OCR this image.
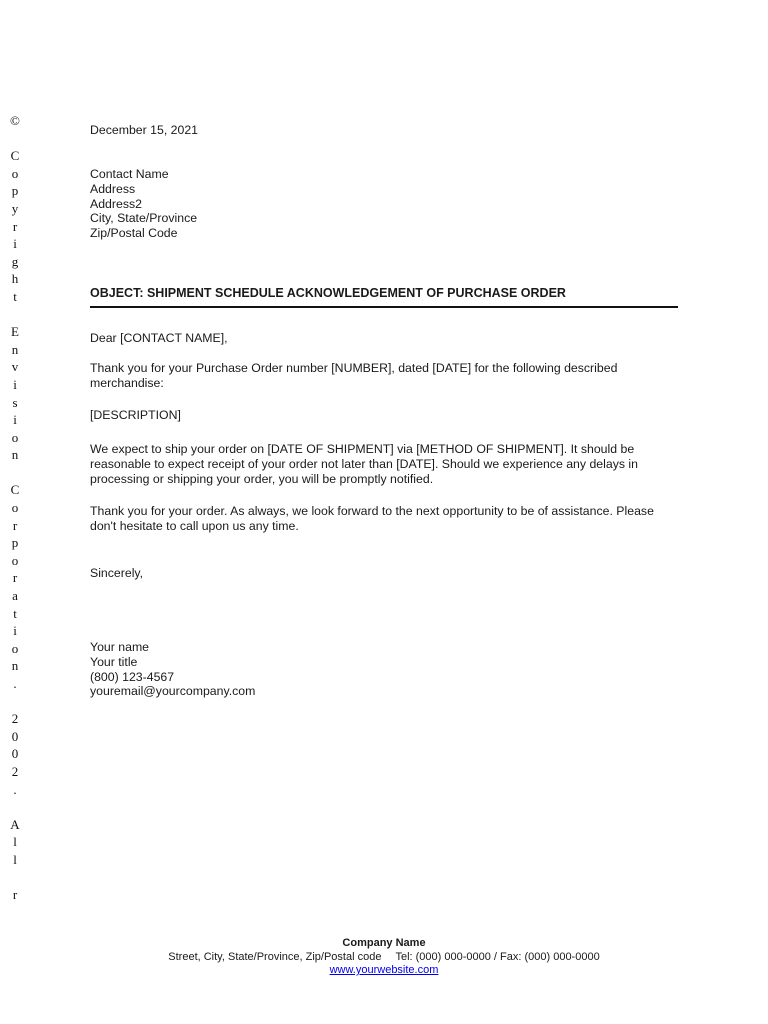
©
C
o
p
y
r
i
g
h
t
E
n
v
i
s
i
o
n
C
o
r
p
o
r
a
t
i
o
n
.
2
0
0
2
.
A
l
l
r

December 15, 2021

Contact Name
Address
Address2
City, State/Province
Zip/Postal Code

OBJECT: SHIPMENT SCHEDULE ACKNOWLEDGEMENT OF PURCHASE ORDER

Dear [CONTACT NAME],

Thank you for your Purchase Order number [NUMBER], dated [DATE] for the following described merchandise:

[DESCRIPTION]

We expect to ship your order on [DATE OF SHIPMENT] via [METHOD OF SHIPMENT]. It should be reasonable to expect receipt of your order not later than [DATE]. Should we experience any delays in processing or shipping your order, you will be promptly notified.

Thank you for your order. As always, we look forward to the next opportunity to be of assistance. Please don't hesitate to call upon us any time.

Sincerely,

Your name
Your title
(800) 123-4567
youremail@yourcompany.com
Company Name
Street, City, State/Province, Zip/Postal code Tel: (000) 000-0000 / Fax: (000) 000-0000
www.yourwebsite.com
